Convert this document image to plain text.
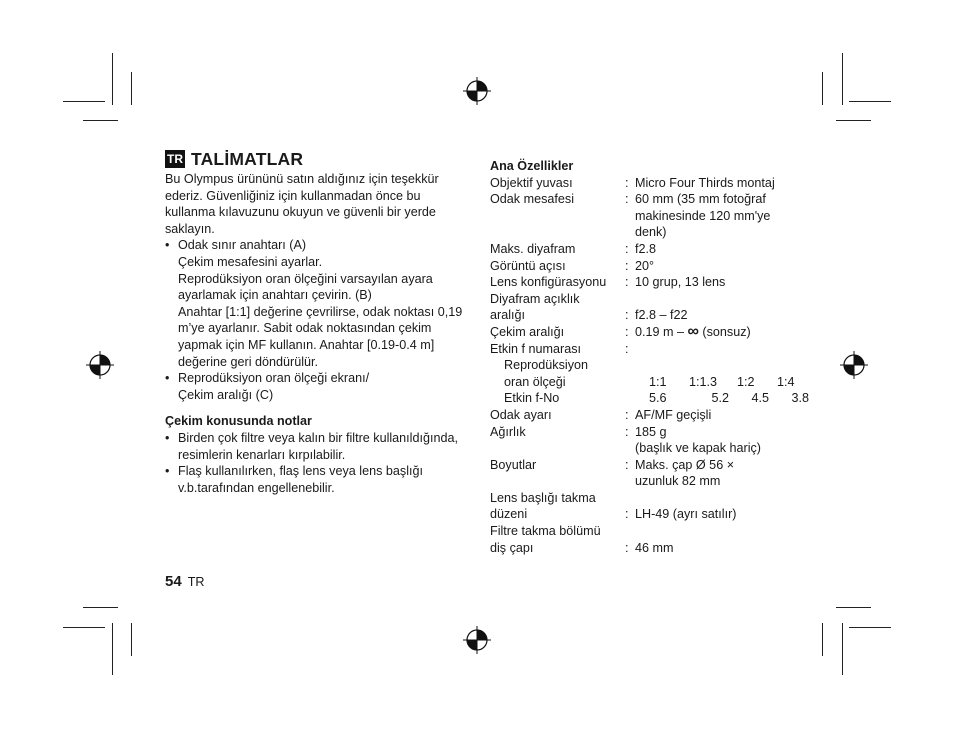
TR TALİMATLAR

Bu Olympus ürününü satın aldığınız için teşekkür ederiz. Güvenliğiniz için kullanmadan önce bu kullanma kılavuzunu okuyun ve güvenli bir yerde saklayın.

• Odak sınır anahtarı (A)
Çekim mesafesini ayarlar.
Reprodüksiyon oran ölçeğini varsayılan ayara ayarlamak için anahtarı çevirin. (B)
Anahtar [1:1] değerine çevrilirse, odak noktası 0,19 m’ye ayarlanır. Sabit odak noktasından çekim yapmak için MF kullanın. Anahtar [0.19-0.4 m] değerine geri döndürülür.
• Reprodüksiyon oran ölçeği ekranı/
Çekim aralığı (C)
Çekim konusunda notlar
• Birden çok filtre veya kalın bir filtre kullanıldığında, resimlerin kenarları kırpılabilir.
• Flaş kullanılırken, flaş lens veya lens başlığı v.b.tarafından engellenebilir.
Ana Özellikler
Objektif yuvası	: Micro Four Thirds montaj
Odak mesafesi	: 60 mm (35 mm fotoğraf
makinesinde 120 mm'ye
denk)
Maks. diyafram	: f2.8
Görüntü açısı	: 20°
Lens konfigürasyonu	: 10 grup, 13 lens
Diyafram açıklık
aralığı	: f2.8 – f22
Çekim aralığı	: 0.19 m – ∞ (sonsuz)
Etkin f numarası	:
Reprodüksiyon
oran ölçeği	1:1	1:1.3	1:2	1:4
Etkin f-No	5.6	5.2	4.5	3.8
Odak ayarı	: AF/MF geçişli
Ağırlık	: 185 g
(başlık ve kapak hariç)
Boyutlar	: Maks. çap Ø 56 ×
uzunluk 82 mm
Lens başlığı takma
düzeni	: LH-49 (ayrı satılır)
Filtre takma bölümü
diş çapı	: 46 mm
54 TR
